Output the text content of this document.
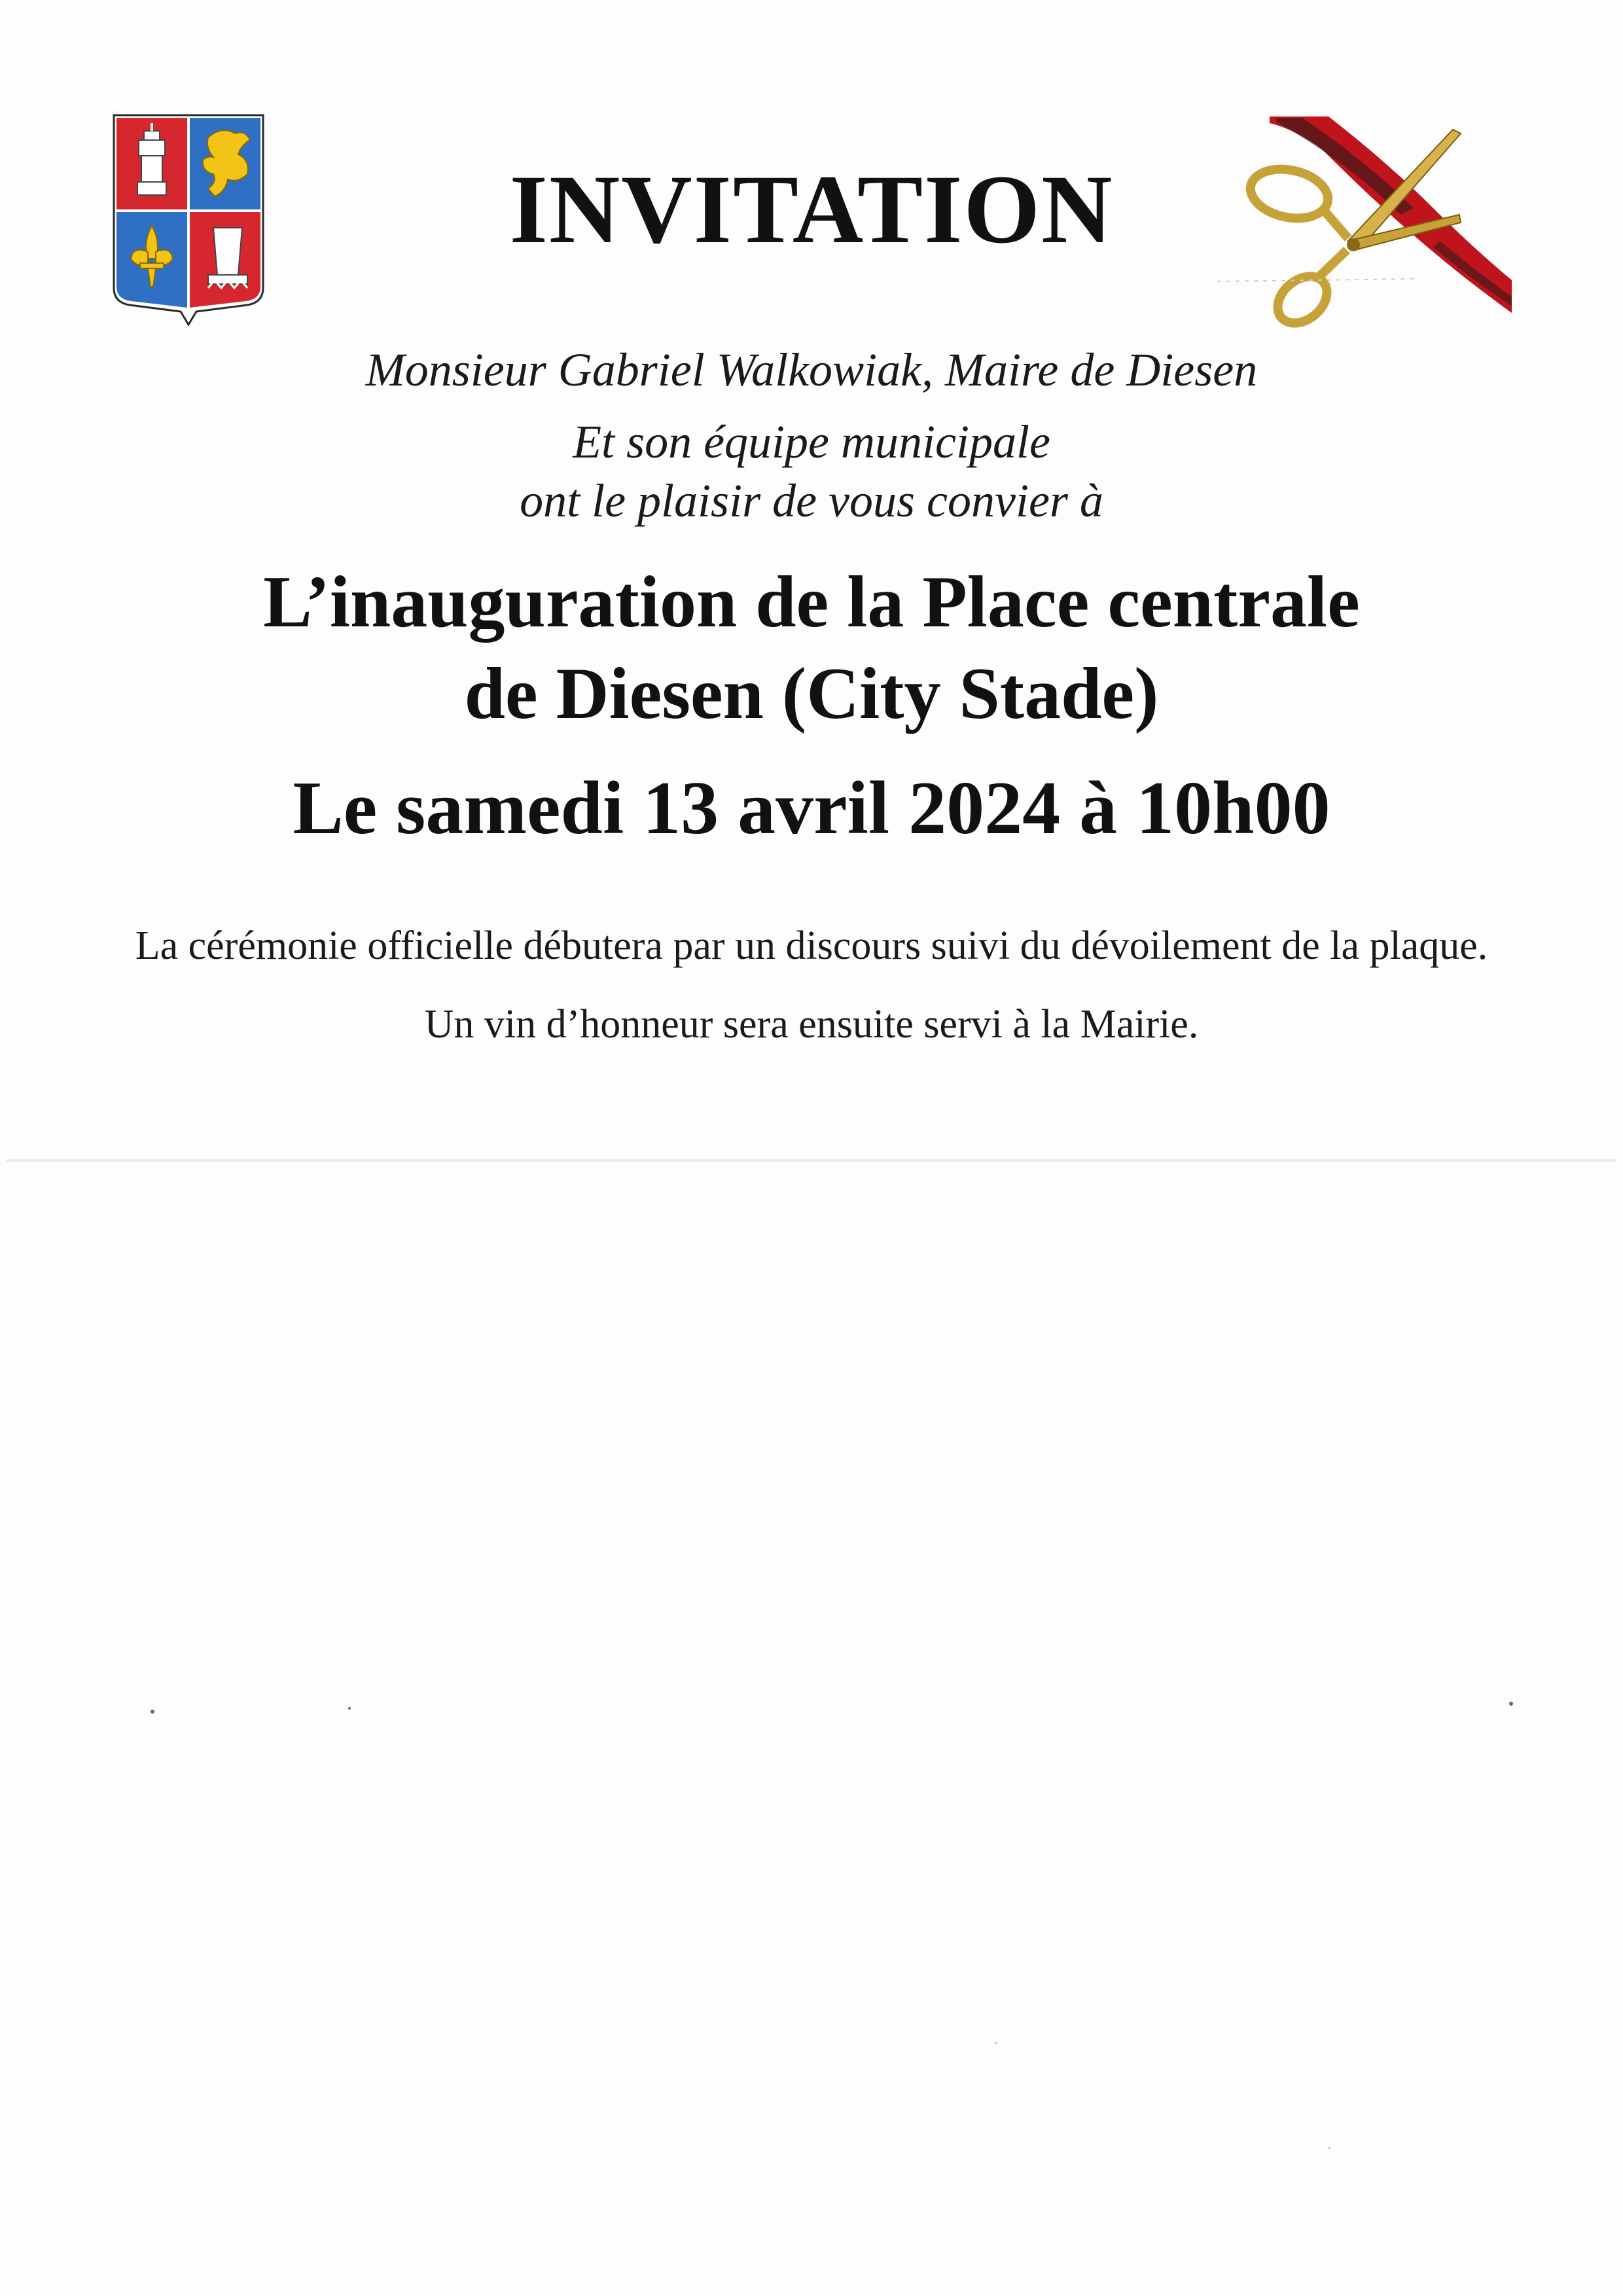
INVITATION
Monsieur Gabriel Walkowiak, Maire de Diesen
Et son équipe municipale
ont le plaisir de vous convier à
L’inauguration de la Place centrale
de Diesen (City Stade)
Le samedi 13 avril 2024 à 10h00
La cérémonie officielle débutera par un discours suivi du dévoilement de la plaque.
Un vin d’honneur sera ensuite servi à la Mairie.
